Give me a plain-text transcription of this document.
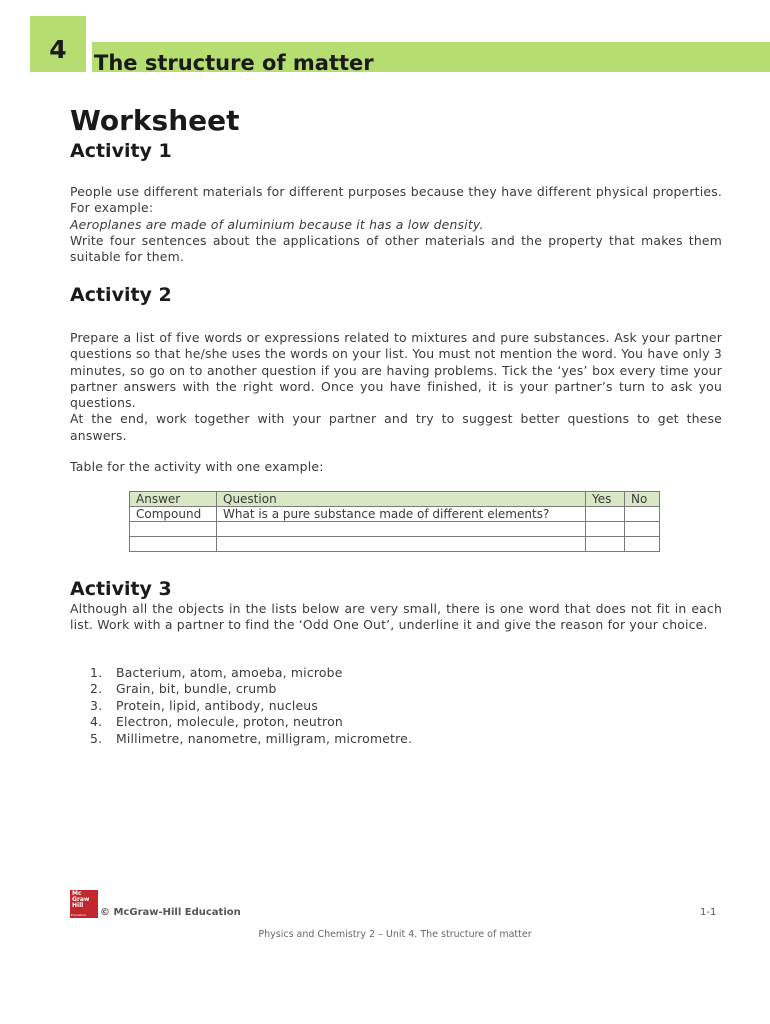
4	The structure of matter
Worksheet
Activity 1

People use different materials for different purposes because they have different physical properties. For example:

Aeroplanes are made of aluminium because it has a low density.

Write four sentences about the applications of other materials and the property that makes them suitable for them.

Activity 2

Prepare a list of five words or expressions related to mixtures and pure substances. Ask your partner questions so that he/she uses the words on your list. You must not mention the word. You have only 3 minutes, so go on to another question if you are having problems. Tick the ‘yes’ box every time your partner answers with the right word. Once you have finished, it is your partner’s turn to ask you questions.

At the end, work together with your partner and try to suggest better questions to get these answers.

Table for the activity with one example:
Answer	Question	Yes	No
Compound	What is a pure substance made of different elements?		

Activity 3
Although all the objects in the lists below are very small, there is one word that does not fit in each list. Work with a partner to find the ‘Odd One Out’, underline it and give the reason for your choice.
1.	Bacterium, atom, amoeba, microbe
2.	Grain, bit, bundle, crumb
3.	Protein, lipid, antibody, nucleus
4.	Electron, molecule, proton, neutron
5.	Millimetre, nanometre, milligram, micrometre.
Mc
Graw
Hill
Education © McGraw-Hill Education	1-1
Physics and Chemistry 2 – Unit 4. The structure of matter
